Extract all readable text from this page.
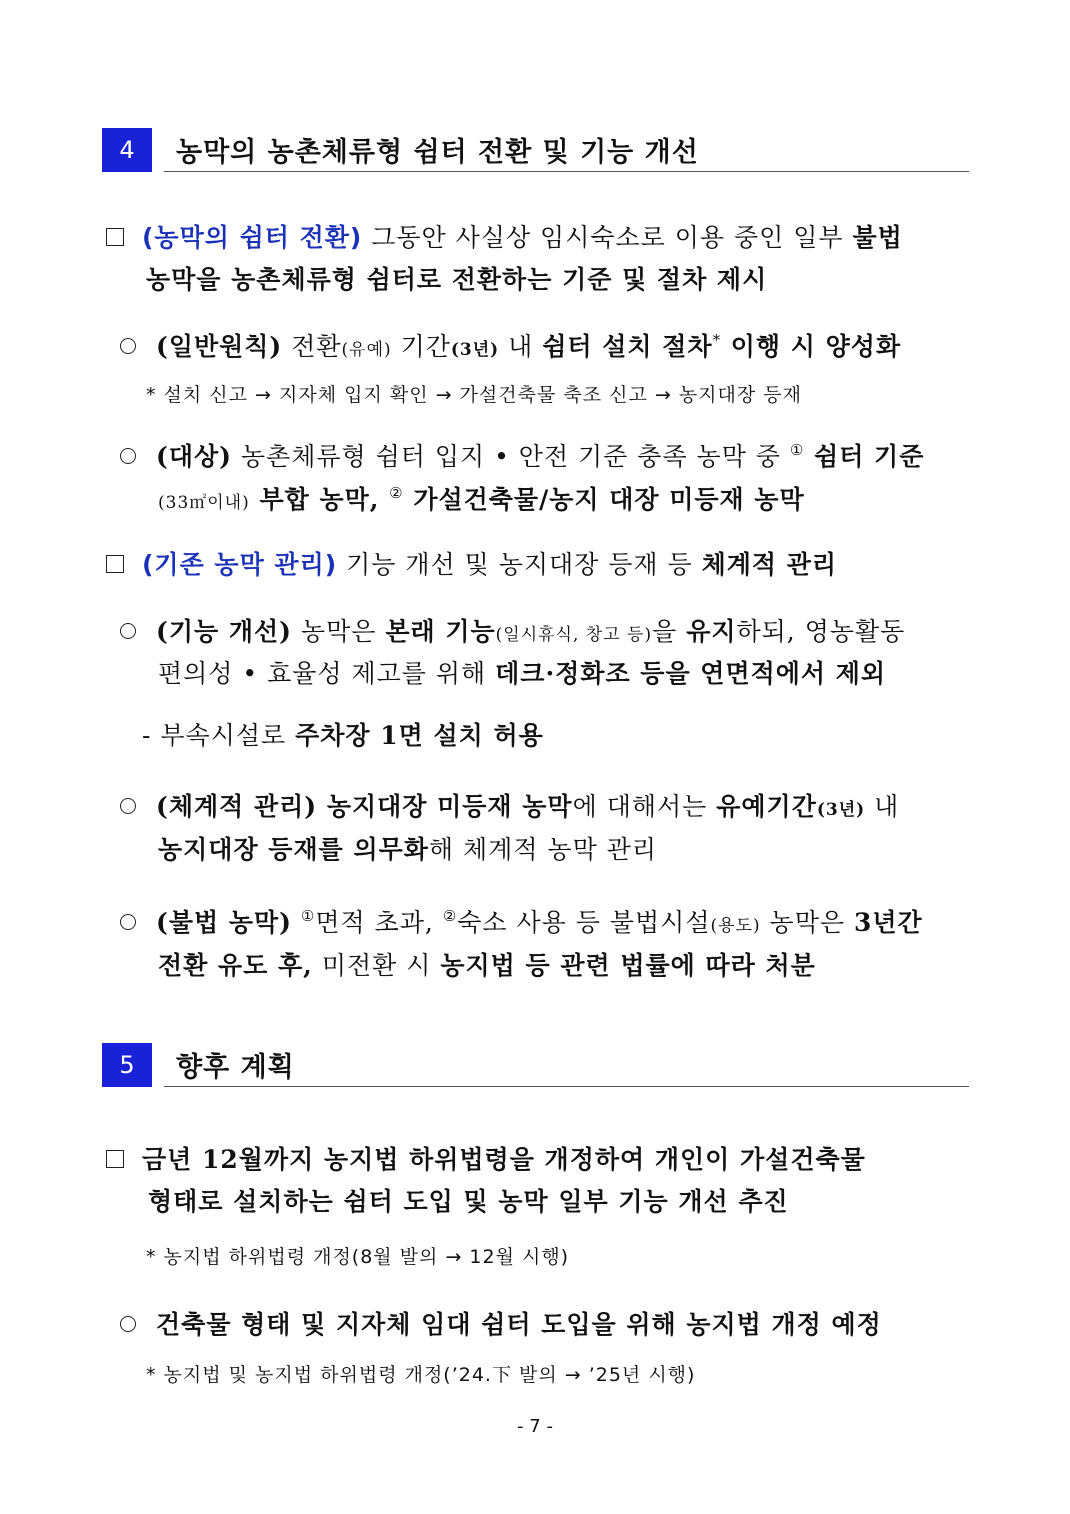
4	농막의 농촌체류형 쉼터 전환 및 기능 개선
(농막의 쉼터 전환) 그동안 사실상 임시숙소로 이용 중인 일부 불법
농막을 농촌체류형 쉼터로 전환하는 기준 및 절차 제시
(일반원칙) 전환(유예) 기간(3년) 내 쉼터 설치 절차* 이행 시 양성화
* 설치 신고 → 지자체 입지 확인 → 가설건축물 축조 신고 → 농지대장 등재
(대상) 농촌체류형 쉼터 입지 • 안전 기준 충족 농막 중 ① 쉼터 기준
(33㎡이내) 부합 농막, ② 가설건축물/농지 대장 미등재 농막
(기존 농막 관리) 기능 개선 및 농지대장 등재 등 체계적 관리
(기능 개선) 농막은 본래 기능(일시휴식, 창고 등)을 유지하되, 영농활동
편의성 • 효율성 제고를 위해 데크·정화조 등을 연면적에서 제외
- 부속시설로 주차장 1면 설치 허용
(체계적 관리) 농지대장 미등재 농막에 대해서는 유예기간(3년) 내
농지대장 등재를 의무화해 체계적 농막 관리
(불법 농막) ①면적 초과, ②숙소 사용 등 불법시설(용도) 농막은 3년간
전환 유도 후, 미전환 시 농지법 등 관련 법률에 따라 처분
5	향후 계획
금년 12월까지 농지법 하위법령을 개정하여 개인이 가설건축물
형태로 설치하는 쉼터 도입 및 농막 일부 기능 개선 추진
* 농지법 하위법령 개정(8월 발의 → 12월 시행)
건축물 형태 및 지자체 임대 쉼터 도입을 위해 농지법 개정 예정
* 농지법 및 농지법 하위법령 개정(’24.下 발의 → ’25년 시행)
- 7 -
